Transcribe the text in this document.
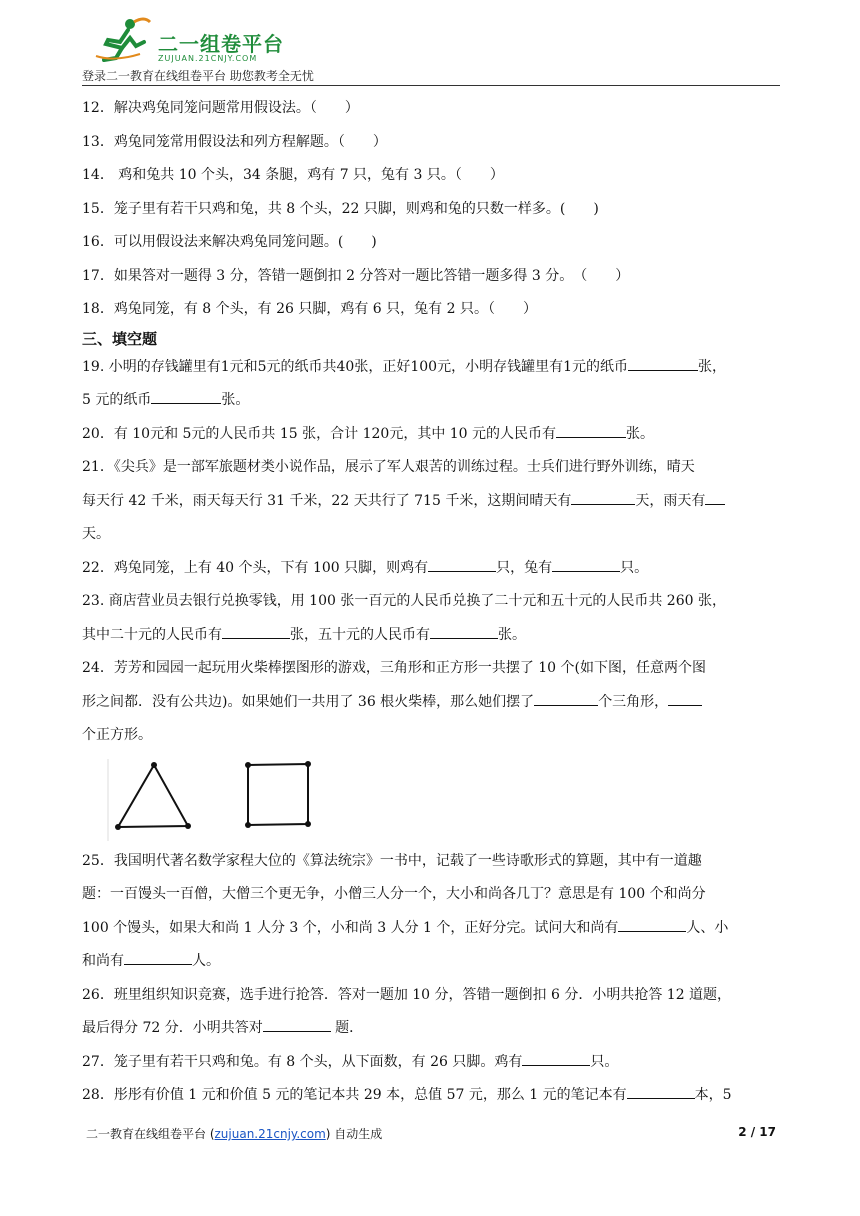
二一组卷平台
ZUJUAN.21CNJY.COM
登录二一教育在线组卷平台 助您教考全无忧
12．解决鸡兔同笼问题常用假设法。（　　）
13．鸡兔同笼常用假设法和列方程解题。（　　）
14． 鸡和兔共 10 个头，34 条腿，鸡有 7 只，兔有 3 只。（　　）
15．笼子里有若干只鸡和兔，共 8 个头，22 只脚，则鸡和兔的只数一样多。(　　)
16．可以用假设法来解决鸡兔同笼问题。(　　)
17．如果答对一题得 3 分，答错一题倒扣 2 分答对一题比答错一题多得 3 分。　（　　）
18．鸡兔同笼，有 8 个头，有 26 只脚，鸡有 6 只，兔有 2 只。（　　）
三、填空题
19. 小明的存钱罐里有1元和5元的纸币共40张，正好100元，小明存钱罐里有1元的纸币	张，
5 元的纸币	张。
20．有 10元和 5元的人民币共 15 张，合计 120元，其中 10 元的人民币有	张。
21．《尖兵》是一部军旅题材类小说作品，展示了军人艰苦的训练过程。士兵们进行野外训练，晴天
每天行 42 千米，雨天每天行 31 千米，22 天共行了 715 千米，这期间晴天有	天，雨天有
天。
22．鸡兔同笼，上有 40 个头，下有 100 只脚，则鸡有	只，兔有	只。
23. 商店营业员去银行兑换零钱，用 100 张一百元的人民币兑换了二十元和五十元的人民币共 260 张，
其中二十元的人民币有	张，五十元的人民币有	张。
24．芳芳和园园一起玩用火柴棒摆图形的游戏，三角形和正方形一共摆了 10 个(如下图，任意两个图
形之间都．没有公共边)。如果她们一共用了 36 根火柴棒，那么她们摆了	个三角形，
个正方形。
25．我国明代著名数学家程大位的《算法统宗》一书中，记载了一些诗歌形式的算题，其中有一道趣
题：一百馒头一百僧，大僧三个更无争，小僧三人分一个，大小和尚各几丁？意思是有 100 个和尚分
100 个馒头，如果大和尚 1 人分 3 个，小和尚 3 人分 1 个，正好分完。试问大和尚有	人、小
和尚有	人。
26．班里组织知识竞赛，选手进行抢答．答对一题加 10 分，答错一题倒扣 6 分．小明共抢答 12 道题，
最后得分 72 分．小明共答对	题．
27．笼子里有若干只鸡和兔。有 8 个头，从下面数，有 26 只脚。鸡有	只。
28．彤彤有价值 1 元和价值 5 元的笔记本共 29 本，总值 57 元，那么 1 元的笔记本有	本，5
二一教育在线组卷平台 (zujuan.21cnjy.com) 自动生成	2 / 17
